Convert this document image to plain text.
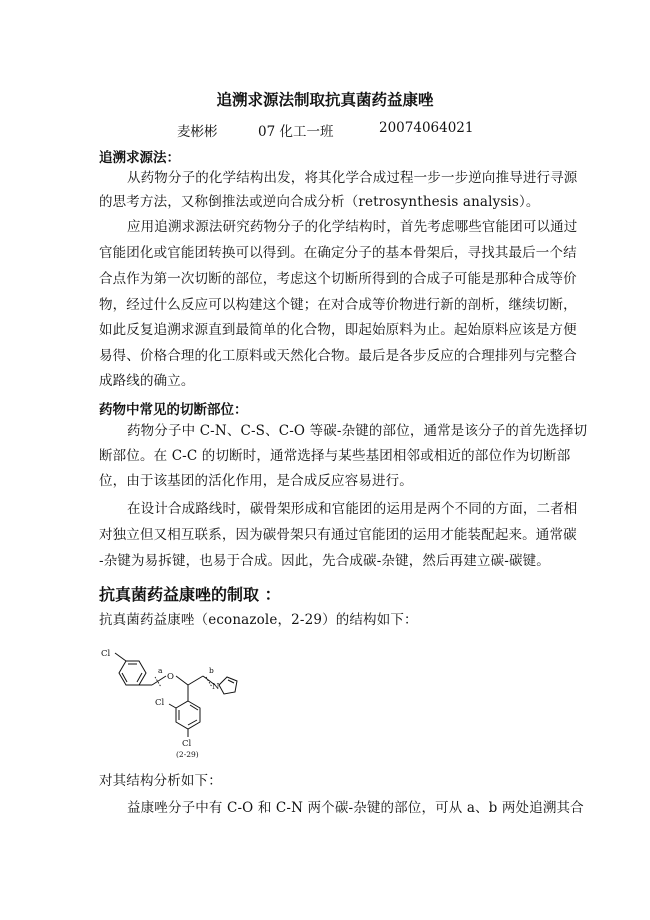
追溯求源法制取抗真菌药益康唑
麦彬彬	07 化工一班	20074064021
追溯求源法：
从药物分子的化学结构出发，将其化学合成过程一步一步逆向推导进行寻源
的思考方法，又称倒推法或逆向合成分析（retrosynthesis analysis）。
应用追溯求源法研究药物分子的化学结构时，首先考虑哪些官能团可以通过
官能团化或官能团转换可以得到。在确定分子的基本骨架后，寻找其最后一个结
合点作为第一次切断的部位，考虑这个切断所得到的合成子可能是那种合成等价
物，经过什么反应可以构建这个键；在对合成等价物进行新的剖析，继续切断，
如此反复追溯求源直到最简单的化合物，即起始原料为止。起始原料应该是方便
易得、价格合理的化工原料或天然化合物。最后是各步反应的合理排列与完整合
成路线的确立。
药物中常见的切断部位：
药物分子中 C-N、C-S、C-O 等碳-杂键的部位，通常是该分子的首先选择切
断部位。在 C-C 的切断时，通常选择与某些基团相邻或相近的部位作为切断部
位，由于该基团的活化作用，是合成反应容易进行。
在设计合成路线时，碳骨架形成和官能团的运用是两个不同的方面，二者相
对独立但又相互联系，因为碳骨架只有通过官能团的运用才能装配起来。通常碳
-杂键为易拆键，也易于合成。因此，先合成碳-杂键，然后再建立碳-碳键。
抗真菌药益康唑的制取 ：
抗真菌药益康唑（econazole，2-29）的结构如下：
Cl
a
O
b
N
Cl
Cl
(2-29)
对其结构分析如下：
益康唑分子中有 C-O 和 C-N 两个碳-杂键的部位，可从 a、b 两处追溯其合
